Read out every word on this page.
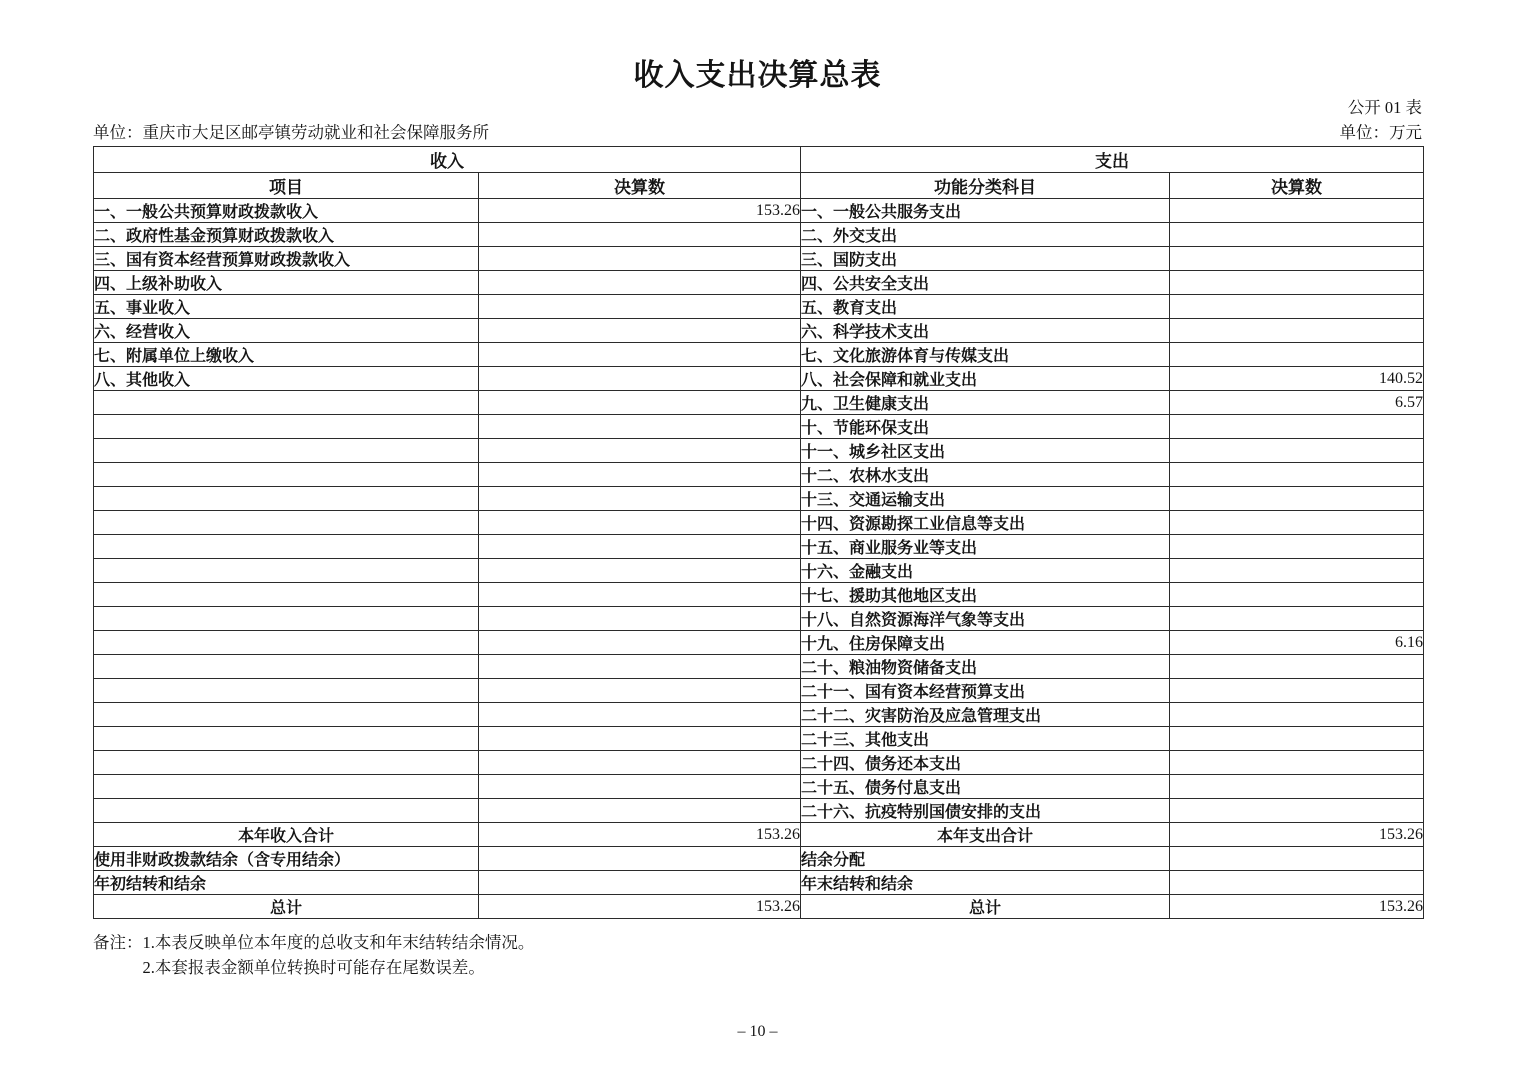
收入支出决算总表
公开 01 表
单位：重庆市大足区邮亭镇劳动就业和社会保障服务所	单位：万元
收入		支出	
项目	决算数	功能分类科目	决算数
一、一般公共预算财政拨款收入	153.26	一、一般公共服务支出	
二、政府性基金预算财政拨款收入		二、外交支出	
三、国有资本经营预算财政拨款收入		三、国防支出	
四、上级补助收入		四、公共安全支出	
五、事业收入		五、教育支出	
六、经营收入		六、科学技术支出	
七、附属单位上缴收入		七、文化旅游体育与传媒支出	
八、其他收入		八、社会保障和就业支出	140.52
		九、卫生健康支出	6.57
		十、节能环保支出	
		十一、城乡社区支出	
		十二、农林水支出	
		十三、交通运输支出	
		十四、资源勘探工业信息等支出	
		十五、商业服务业等支出	
		十六、金融支出	
		十七、援助其他地区支出	
		十八、自然资源海洋气象等支出	
		十九、住房保障支出	6.16
		二十、粮油物资储备支出	
		二十一、国有资本经营预算支出	
		二十二、灾害防治及应急管理支出	
		二十三、其他支出	
		二十四、债务还本支出	
		二十五、债务付息支出	
		二十六、抗疫特别国债安排的支出	
本年收入合计	153.26	本年支出合计	153.26
使用非财政拨款结余（含专用结余）		结余分配	
年初结转和结余		年末结转和结余	
总计	153.26	总计	153.26
备注： 1.本表反映单位本年度的总收支和年末结转结余情况。
2.本套报表金额单位转换时可能存在尾数误差。
– 10 –
